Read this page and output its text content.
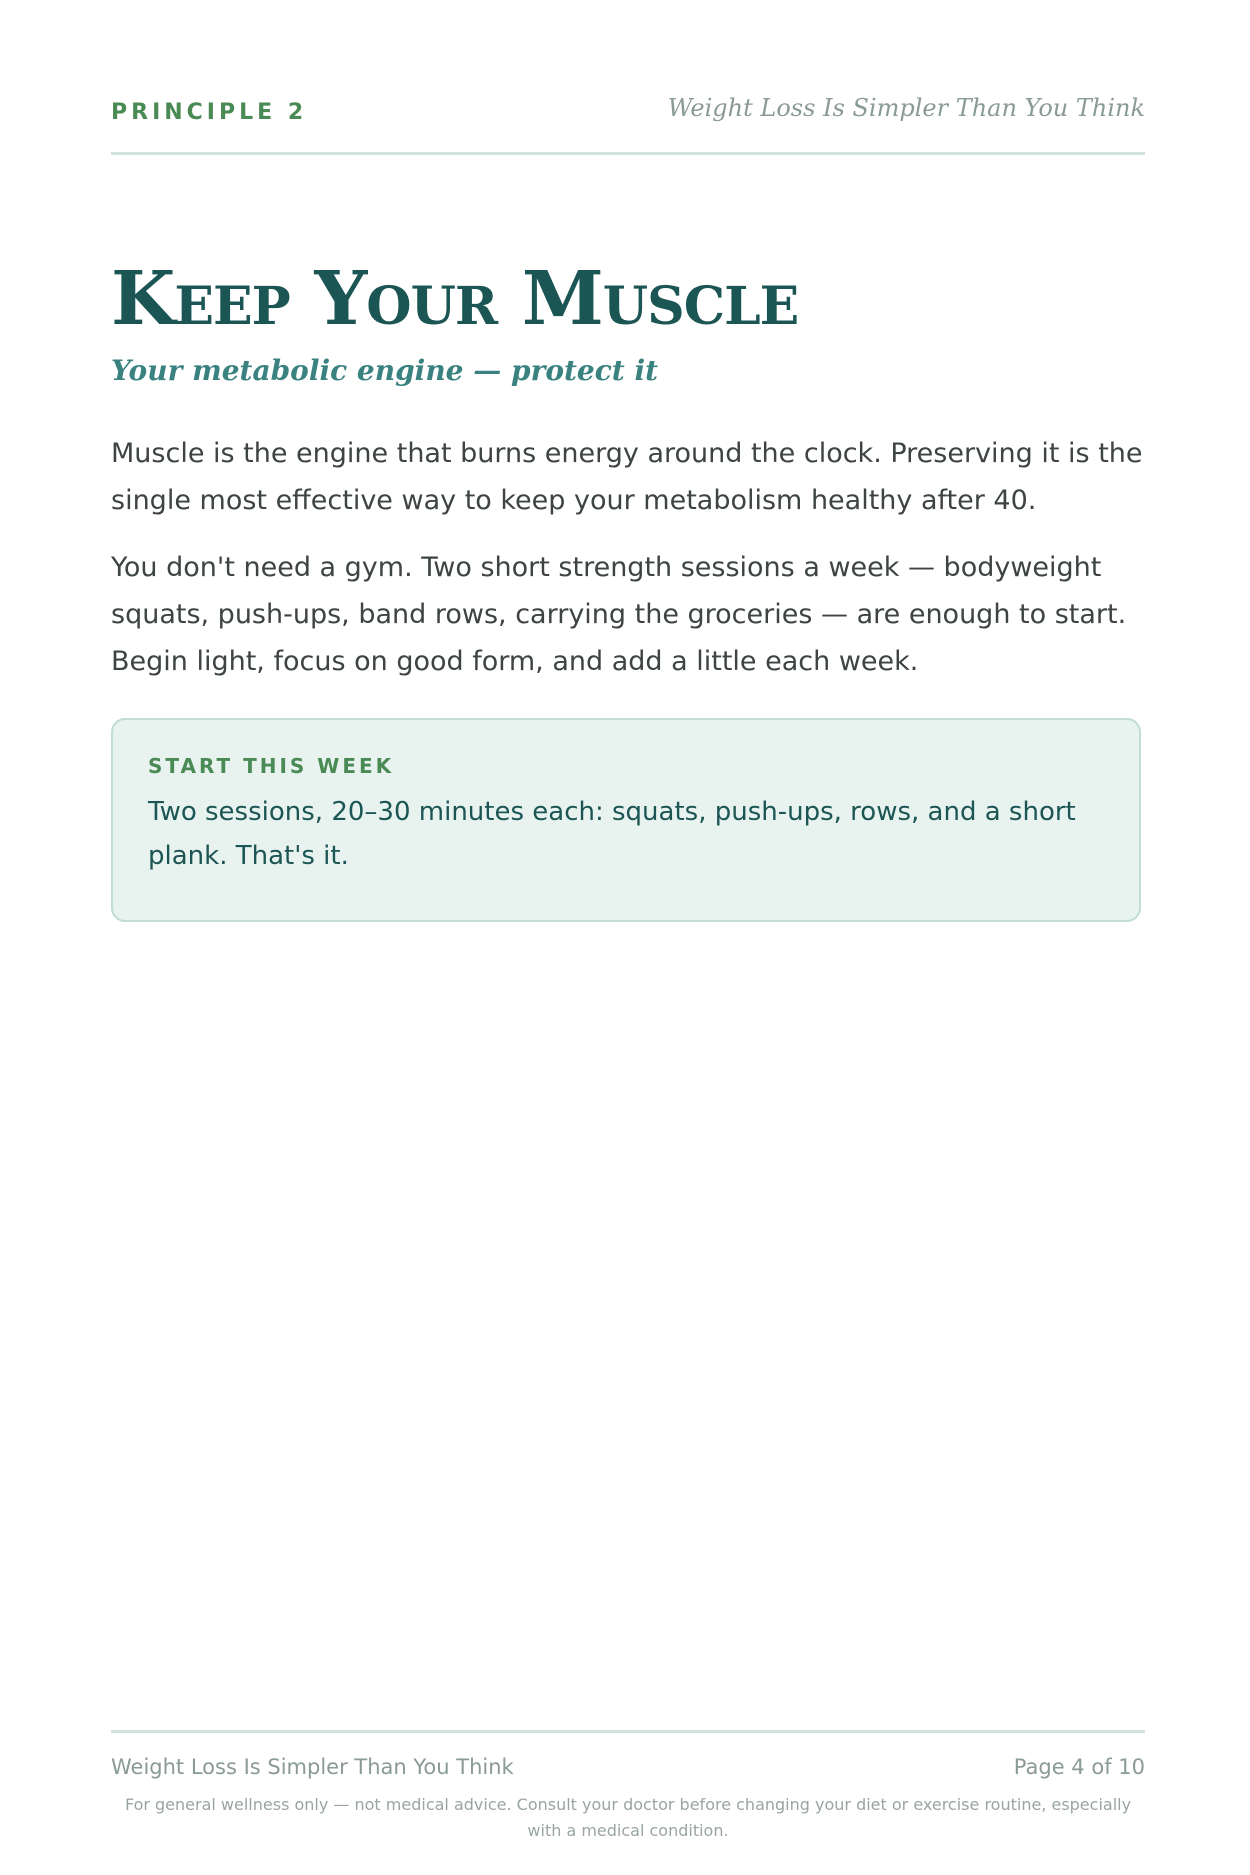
PRINCIPLE 2	Weight Loss Is Simpler Than You Think
Keep Your Muscle
Your metabolic engine — protect it

Muscle is the engine that burns energy around the clock. Preserving it is the single most effective way to keep your metabolism healthy after 40.

You don't need a gym. Two short strength sessions a week — bodyweight squats, push-ups, band rows, carrying the groceries — are enough to start. Begin light, focus on good form, and add a little each week.

START THIS WEEK
Two sessions, 20–30 minutes each: squats, push-ups, rows, and a short plank. That's it.
Weight Loss Is Simpler Than You Think	Page 4 of 10
For general wellness only — not medical advice. Consult your doctor before changing your diet or exercise routine, especially with a medical condition.
